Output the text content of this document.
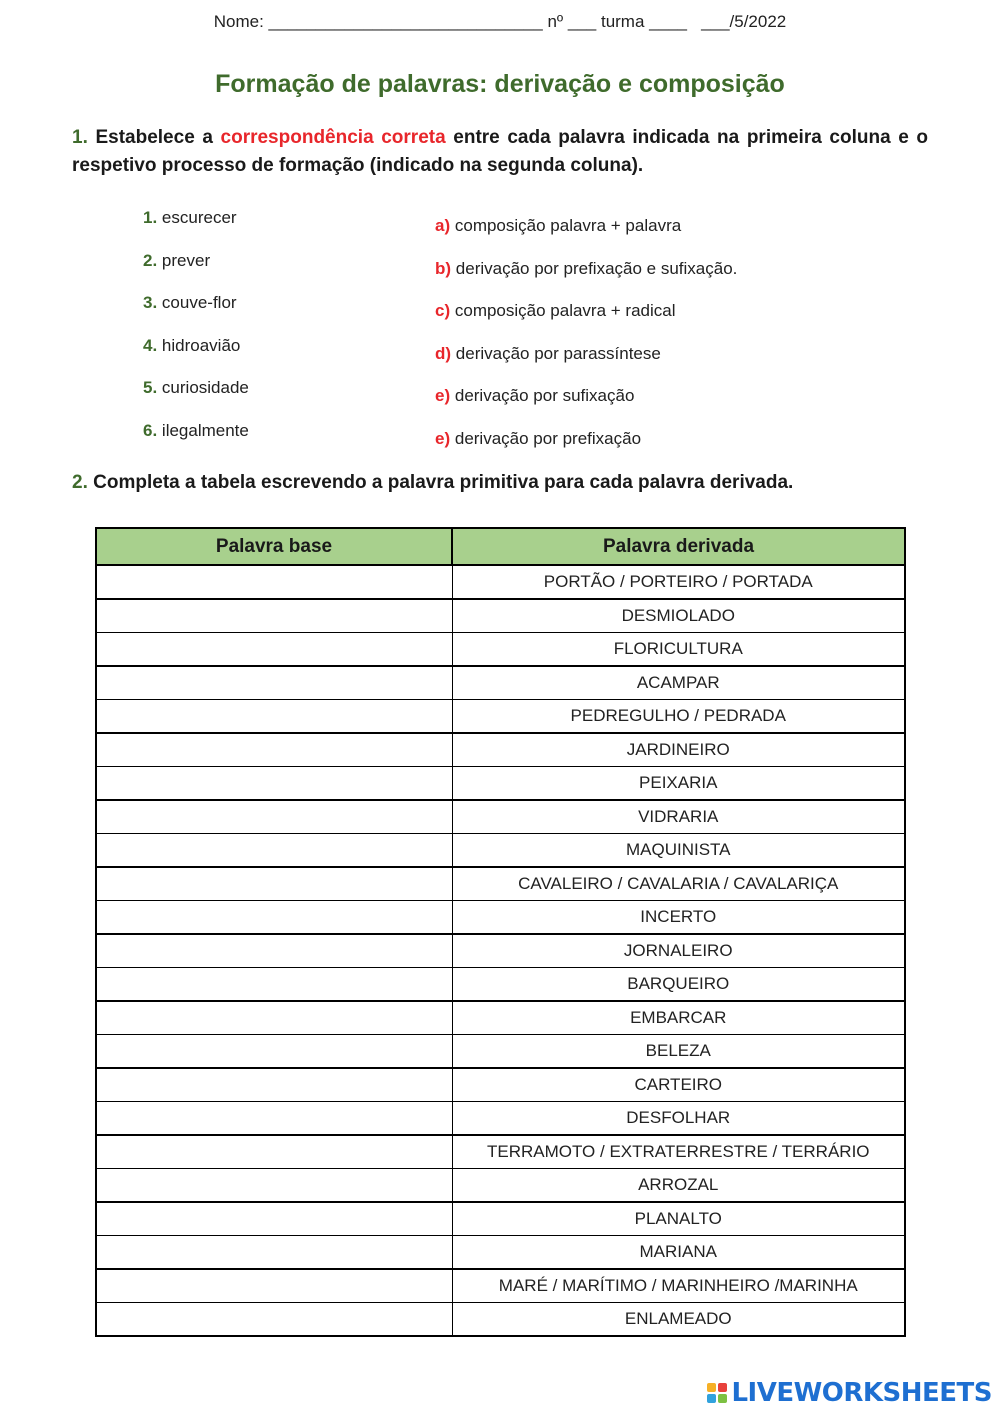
Nome: _____________________________ nº ___ turma ____ ___/5/2022
Formação de palavras: derivação e composição
1. Estabelece a correspondência correta entre cada palavra indicada na primeira coluna e o respetivo processo de formação (indicado na segunda coluna).
1. escurecer
2. prever
3. couve-flor
4. hidroavião
5. curiosidade
6. ilegalmente
a) composição palavra + palavra
b) derivação por prefixação e sufixação.
c) composição palavra + radical
d) derivação por parassíntese
e) derivação por sufixação
e) derivação por prefixação
2. Completa a tabela escrevendo a palavra primitiva para cada palavra derivada.
Palavra base	Palavra derivada
	PORTÃO / PORTEIRO / PORTADA
	DESMIOLADO
	FLORICULTURA
	ACAMPAR
	PEDREGULHO / PEDRADA
	JARDINEIRO
	PEIXARIA
	VIDRARIA
	MAQUINISTA
	CAVALEIRO / CAVALARIA / CAVALARIÇA
	INCERTO
	JORNALEIRO
	BARQUEIRO
	EMBARCAR
	BELEZA
	CARTEIRO
	DESFOLHAR
	TERRAMOTO / EXTRATERRESTRE / TERRÁRIO
	ARROZAL
	PLANALTO
	MARIANA
	MARÉ / MARÍTIMO / MARINHEIRO /MARINHA
	ENLAMEADO
LIVEWORKSHEETS
